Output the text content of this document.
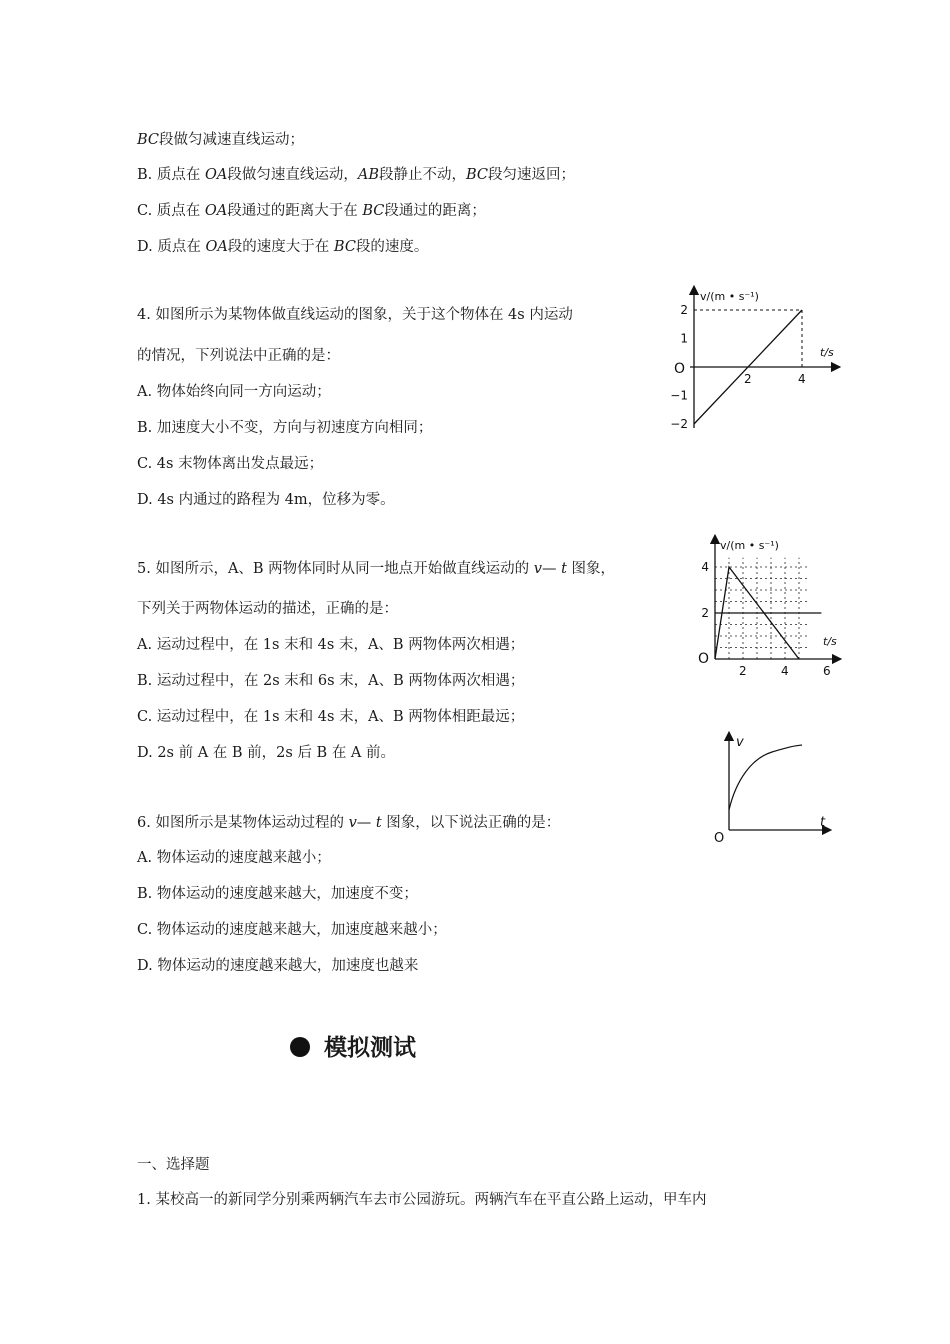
BC段做匀减速直线运动；
B. 质点在 OA段做匀速直线运动，AB段静止不动，BC段匀速返回；
C. 质点在 OA段通过的距离大于在 BC段通过的距离；
D. 质点在 OA段的速度大于在 BC段的速度。
4. 如图所示为某物体做直线运动的图象，关于这个物体在 4s 内运动
的情况，下列说法中正确的是：
A. 物体始终向同一方向运动；
B. 加速度大小不变，方向与初速度方向相同；
C. 4s 末物体离出发点最远；
D. 4s 内通过的路程为 4m，位移为零。
5. 如图所示，A、B 两物体同时从同一地点开始做直线运动的 v— t 图象，
下列关于两物体运动的描述，正确的是：
A. 运动过程中，在 1s 末和 4s 末，A、B 两物体两次相遇；
B. 运动过程中，在 2s 末和 6s 末，A、B 两物体两次相遇；
C. 运动过程中，在 1s 末和 4s 末，A、B 两物体相距最远；
D. 2s 前 A 在 B 前，2s 后 B 在 A 前。
6. 如图所示是某物体运动过程的 v— t 图象，以下说法正确的是：
A. 物体运动的速度越来越小；
B. 物体运动的速度越来越大，加速度不变；
C. 物体运动的速度越来越大，加速度越来越小；
D. 物体运动的速度越来越大，加速度也越来
模拟测试
一、选择题
1. 某校高一的新同学分别乘两辆汽车去市公园游玩。两辆汽车在平直公路上运动，甲车内
2	4
2
1
−1
−2
v/(m • s⁻¹)
t/s
O
2	4	6
4
2
v/(m • s⁻¹)
t/s
O
v
t
O
